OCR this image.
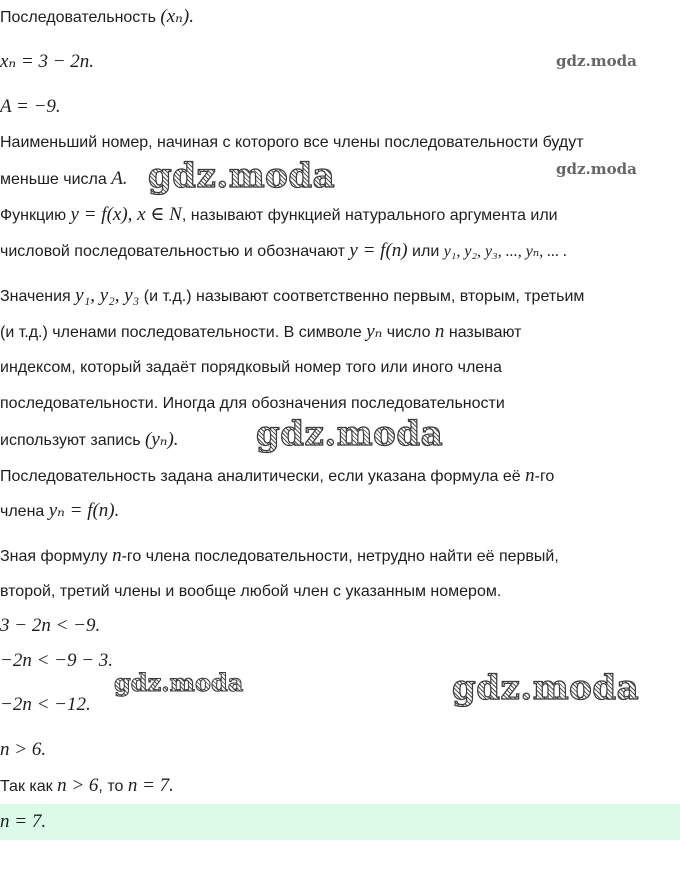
Последовательность (xₙ).
xₙ = 3 − 2n.
A = −9.
Наименьший номер, начиная с которого все члены последовательности будут
меньше числа A.
Функцию y = f(x), x ∈ N, называют функцией натурального аргумента или
числовой последовательностью и обозначают y = f(n) или y₁, y₂, y₃, ..., yₙ, ... .
Значения y₁, y₂, y₃ (и т.д.) называют соответственно первым, вторым, третьим
(и т.д.) членами последовательности. В символе yₙ число n называют
индексом, который задаёт порядковый номер того или иного члена
последовательности. Иногда для обозначения последовательности
используют запись (yₙ).
Последовательность задана аналитически, если указана формула её n-го
члена yₙ = f(n).
Зная формулу n-го члена последовательности, нетрудно найти её первый,
второй, третий члены и вообще любой член с указанным номером.
3 − 2n < −9.
−2n < −9 − 3.
−2n < −12.
n > 6.
Так как n > 6, то n = 7.
n = 7.
gdz.moda
gdz.moda
gdz.moda
gdz.moda
gdz.moda	gdz.moda
